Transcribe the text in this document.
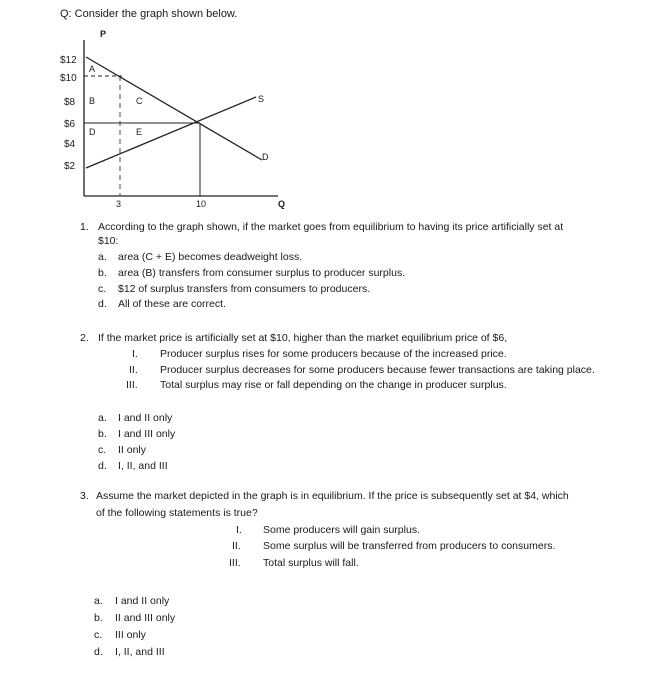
Q: Consider the graph shown below.
P
Q
$12
$10
$8
$6
$4
$2
3	10
S
D
A
B	C
D	E
1. According to the graph shown, if the market goes from equilibrium to having its price artificially set at
$10:
a. area (C + E) becomes deadweight loss.
b. area (B) transfers from consumer surplus to producer surplus.
c. $12 of surplus transfers from consumers to producers.
d. All of these are correct.
2. If the market price is artificially set at $10, higher than the market equilibrium price of $6,
I. Producer surplus rises for some producers because of the increased price.
II. Producer surplus decreases for some producers because fewer transactions are taking place.
III. Total surplus may rise or fall depending on the change in producer surplus.
a. I and II only
b. I and III only
c. II only
d. I, II, and III
3. Assume the market depicted in the graph is in equilibrium. If the price is subsequently set at $4, which
of the following statements is true?
I. Some producers will gain surplus.
II. Some surplus will be transferred from producers to consumers.
III. Total surplus will fall.
a. I and II only
b. II and III only
c. III only
d. I, II, and III
